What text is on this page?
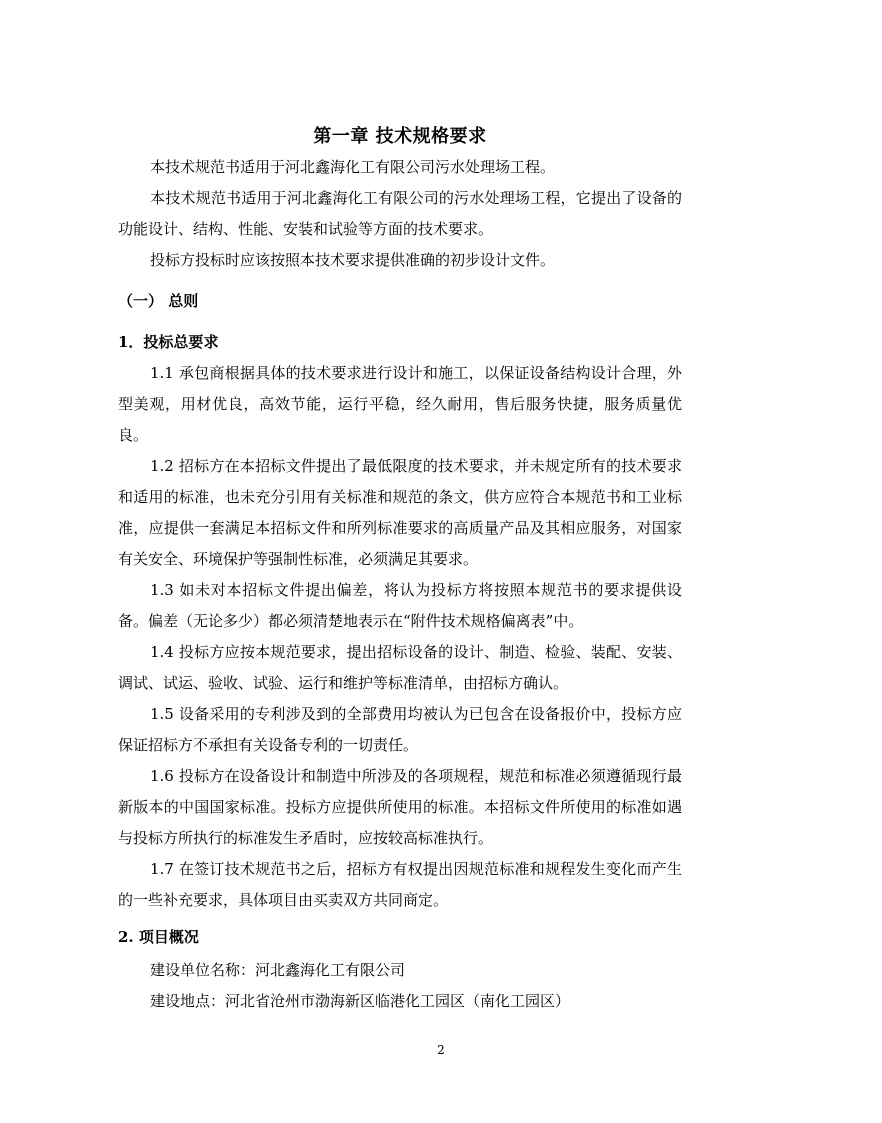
第一章 技术规格要求

本技术规范书适用于河北鑫海化工有限公司污水处理场工程。

本技术规范书适用于河北鑫海化工有限公司的污水处理场工程，它提出了设备的功能设计、结构、性能、安装和试验等方面的技术要求。

投标方投标时应该按照本技术要求提供准确的初步设计文件。

（一） 总则
1．投标总要求

1.1 承包商根据具体的技术要求进行设计和施工，以保证设备结构设计合理，外型美观，用材优良，高效节能，运行平稳，经久耐用，售后服务快捷，服务质量优良。

1.2 招标方在本招标文件提出了最低限度的技术要求，并未规定所有的技术要求和适用的标准，也未充分引用有关标准和规范的条文，供方应符合本规范书和工业标准，应提供一套满足本招标文件和所列标准要求的高质量产品及其相应服务，对国家有关安全、环境保护等强制性标准，必须满足其要求。

1.3 如未对本招标文件提出偏差，将认为投标方将按照本规范书的要求提供设备。偏差（无论多少）都必须清楚地表示在“附件技术规格偏离表”中。

1.4 投标方应按本规范要求，提出招标设备的设计、制造、检验、装配、安装、调试、试运、验收、试验、运行和维护等标准清单，由招标方确认。

1.5 设备采用的专利涉及到的全部费用均被认为已包含在设备报价中，投标方应保证招标方不承担有关设备专利的一切责任。

1.6 投标方在设备设计和制造中所涉及的各项规程，规范和标准必须遵循现行最新版本的中国国家标准。投标方应提供所使用的标准。本招标文件所使用的标准如遇与投标方所执行的标准发生矛盾时，应按较高标准执行。

1.7 在签订技术规范书之后，招标方有权提出因规范标准和规程发生变化而产生的一些补充要求，具体项目由买卖双方共同商定。

2. 项目概况

建设单位名称：河北鑫海化工有限公司

建设地点：河北省沧州市渤海新区临港化工园区（南化工园区）

2
